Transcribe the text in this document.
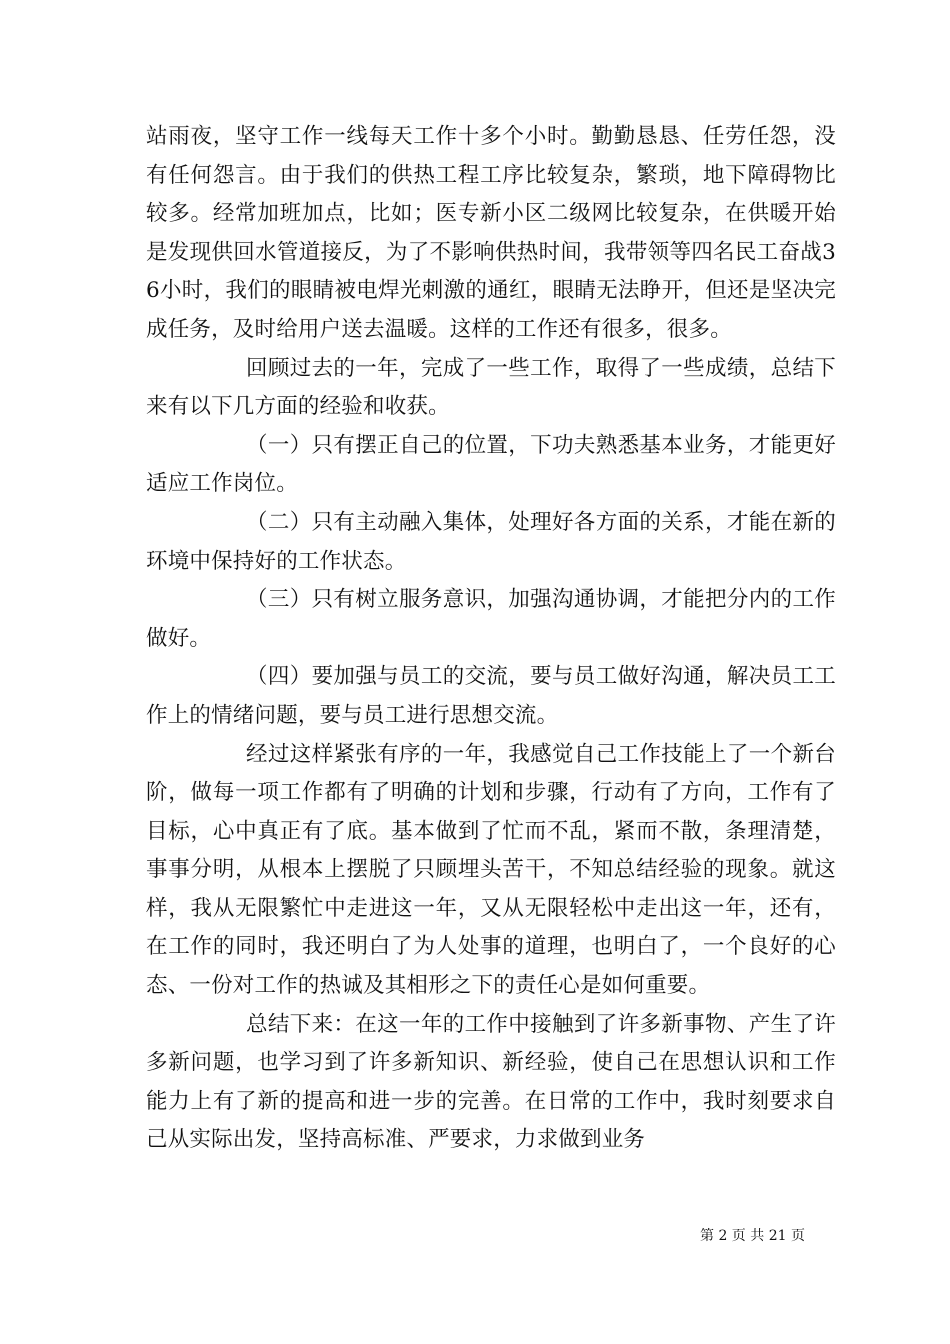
站雨夜，坚守工作一线每天工作十多个小时。勤勤恳恳、任劳任怨，没有任何怨言。由于我们的供热工程工序比较复杂，繁琐，地下障碍物比较多。经常加班加点，比如；医专新小区二级网比较复杂，在供暖开始是发现供回水管道接反，为了不影响供热时间，我带领等四名民工奋战36小时，我们的眼睛被电焊光刺激的通红，眼睛无法睁开，但还是坚决完成任务，及时给用户送去温暖。这样的工作还有很多，很多。

回顾过去的一年，完成了一些工作，取得了一些成绩，总结下来有以下几方面的经验和收获。

（一）只有摆正自己的位置，下功夫熟悉基本业务，才能更好适应工作岗位。

（二）只有主动融入集体，处理好各方面的关系，才能在新的环境中保持好的工作状态。

（三）只有树立服务意识，加强沟通协调，才能把分内的工作做好。

（四）要加强与员工的交流，要与员工做好沟通，解决员工工作上的情绪问题，要与员工进行思想交流。

经过这样紧张有序的一年，我感觉自己工作技能上了一个新台阶，做每一项工作都有了明确的计划和步骤，行动有了方向，工作有了目标，心中真正有了底。基本做到了忙而不乱，紧而不散，条理清楚，事事分明，从根本上摆脱了只顾埋头苦干，不知总结经验的现象。就这样，我从无限繁忙中走进这一年，又从无限轻松中走出这一年，还有，在工作的同时，我还明白了为人处事的道理，也明白了，一个良好的心态、一份对工作的热诚及其相形之下的责任心是如何重要。

总结下来：在这一年的工作中接触到了许多新事物、产生了许多新问题，也学习到了许多新知识、新经验，使自己在思想认识和工作能力上有了新的提高和进一步的完善。在日常的工作中，我时刻要求自己从实际出发，坚持高标准、严要求，力求做到业务

第 2 页 共 21 页
